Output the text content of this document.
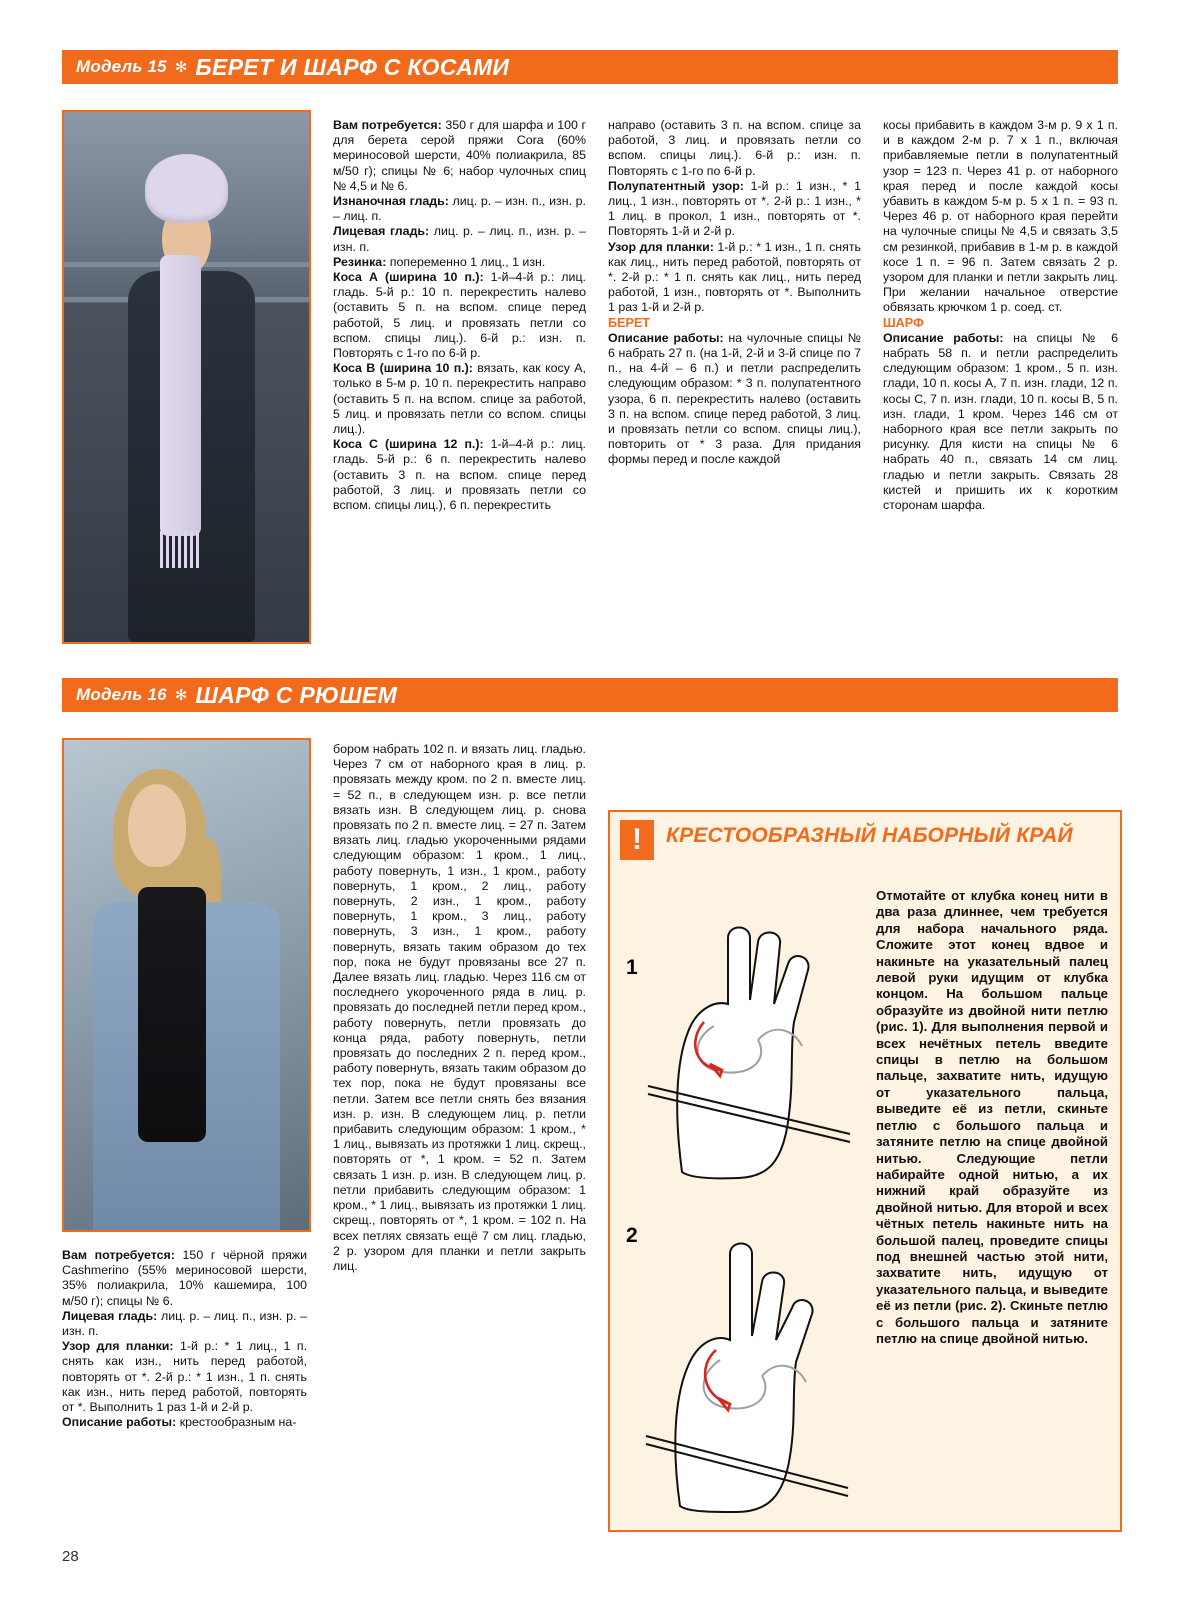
Модель 15 ✻ БЕРЕТ И ШАРФ С КОСАМИ

Вам потребуется: 350 г для шарфа и 100 г для берета серой пряжи Cora (60% мериносовой шерсти, 40% полиакрила, 85 м/50 г); спицы № 6; набор чулочных спиц № 4,5 и № 6.

Изнаночная гладь: лиц. р. – изн. п., изн. р. – лиц. п.

Лицевая гладь: лиц. р. – лиц. п., изн. р. – изн. п.

Резинка: попеременно 1 лиц., 1 изн.

Коса А (ширина 10 п.): 1-й–4-й р.: лиц. гладь. 5-й р.: 10 п. перекрестить налево (оставить 5 п. на вспом. спице перед работой, 5 лиц. и провязать петли со вспом. спицы лиц.). 6-й р.: изн. п. Повторять с 1-го по 6-й р.

Коса В (ширина 10 п.): вязать, как косу А, только в 5-м р. 10 п. перекрестить направо (оставить 5 п. на вспом. спице за работой, 5 лиц. и провязать петли со вспом. спицы лиц.).

Коса С (ширина 12 п.): 1-й–4-й р.: лиц. гладь. 5-й р.: 6 п. перекрестить налево (оставить 3 п. на вспом. спице перед работой, 3 лиц. и провязать петли со вспом. спицы лиц.), 6 п. перекрестить

направо (оставить 3 п. на вспом. спице за работой, 3 лиц. и провязать петли со вспом. спицы лиц.). 6-й р.: изн. п. Повторять с 1-го по 6-й р.

Полупатентный узор: 1-й р.: 1 изн., * 1 лиц., 1 изн., повторять от *. 2-й р.: 1 изн., * 1 лиц. в прокол, 1 изн., повторять от *. Повторять 1-й и 2-й р.

Узор для планки: 1-й р.: * 1 изн., 1 п. снять как лиц., нить перед работой, повторять от *. 2-й р.: * 1 п. снять как лиц., нить перед работой, 1 изн., повторять от *. Выполнить 1 раз 1-й и 2-й р.

БЕРЕТ

Описание работы: на чулочные спицы № 6 набрать 27 п. (на 1-й, 2-й и 3-й спице по 7 п., на 4-й – 6 п.) и петли распределить следующим образом: * 3 п. полупатентного узора, 6 п. перекрестить налево (оставить 3 п. на вспом. спице перед работой, 3 лиц. и провязать петли со вспом. спицы лиц.), повторить от * 3 раза. Для придания формы перед и после каждой

косы прибавить в каждом 3-м р. 9 х 1 п. и в каждом 2-м р. 7 х 1 п., включая прибавляемые петли в полупатентный узор = 123 п. Через 41 р. от наборного края перед и после каждой косы убавить в каждом 5-м р. 5 х 1 п. = 93 п. Через 46 р. от наборного края перейти на чулочные спицы № 4,5 и связать 3,5 см резинкой, прибавив в 1-м р. в каждой косе 1 п. = 96 п. Затем связать 2 р. узором для планки и петли закрыть лиц. При желании начальное отверстие обвязать крючком 1 р. соед. ст.

ШАРФ

Описание работы: на спицы № 6 набрать 58 п. и петли распределить следующим образом: 1 кром., 5 п. изн. глади, 10 п. косы А, 7 п. изн. глади, 12 п. косы С, 7 п. изн. глади, 10 п. косы В, 5 п. изн. глади, 1 кром. Через 146 см от наборного края все петли закрыть по рисунку. Для кисти на спицы № 6 набрать 40 п., связать 14 см лиц. гладью и петли закрыть. Связать 28 кистей и пришить их к коротким сторонам шарфа.

Модель 16 ✻ ШАРФ С РЮШЕМ

Вам потребуется: 150 г чёрной пряжи Cashmerino (55% мериносовой шерсти, 35% полиакрила, 10% кашемира, 100 м/50 г); спицы № 6.

Лицевая гладь: лиц. р. – лиц. п., изн. р. – изн. п.

Узор для планки: 1-й р.: * 1 лиц., 1 п. снять как изн., нить перед работой, повторять от *. 2-й р.: * 1 изн., 1 п. снять как изн., нить перед работой, повторять от *. Выполнить 1 раз 1-й и 2-й р.

Описание работы: крестообразным на-

бором набрать 102 п. и вязать лиц. гладью. Через 7 см от наборного края в лиц. р. провязать между кром. по 2 п. вместе лиц. = 52 п., в следующем изн. р. все петли вязать изн. В следующем лиц. р. снова провязать по 2 п. вместе лиц. = 27 п. Затем вязать лиц. гладью укороченными рядами следующим образом: 1 кром., 1 лиц., работу повернуть, 1 изн., 1 кром., работу повернуть, 1 кром., 2 лиц., работу повернуть, 2 изн., 1 кром., работу повернуть, 1 кром., 3 лиц., работу повернуть, 3 изн., 1 кром., работу повернуть, вязать таким образом до тех пор, пока не будут провязаны все 27 п. Далее вязать лиц. гладью. Через 116 см от последнего укороченного ряда в лиц. р. провязать до последней петли перед кром., работу повернуть, петли провязать до конца ряда, работу повернуть, петли провязать до последних 2 п. перед кром., работу повернуть, вязать таким образом до тех пор, пока не будут провязаны все петли. Затем все петли снять без вязания изн. р. изн. В следующем лиц. р. петли прибавить следующим образом: 1 кром., * 1 лиц., вывязать из протяжки 1 лиц. скрещ., повторять от *, 1 кром. = 52 п. Затем связать 1 изн. р. изн. В следующем лиц. р. петли прибавить следующим образом: 1 кром., * 1 лиц., вывязать из протяжки 1 лиц. скрещ., повторять от *, 1 кром. = 102 п. На всех петлях связать ещё 7 см лиц. гладью, 2 р. узором для планки и петли закрыть лиц.

!	КРЕСТООБРАЗНЫЙ НАБОРНЫЙ КРАЙ
1
2
Отмотайте от клубка конец нити в два раза длиннее, чем требуется для набора начального ряда. Сложите этот конец вдвое и накиньте на указательный палец левой руки идущим от клубка концом. На большом пальце образуйте из двойной нити петлю (рис. 1). Для выполнения первой и всех нечётных петель введите спицы в петлю на большом пальце, захватите нить, идущую от указательного пальца, выведите её из петли, скиньте петлю с большого пальца и затяните петлю на спице двойной нитью. Следующие петли набирайте одной нитью, а их нижний край образуйте из двойной нитью. Для второй и всех чётных петель накиньте нить на большой палец, проведите спицы под внешней частью этой нити, захватите нить, идущую от указательного пальца, и выведите её из петли (рис. 2). Скиньте петлю с большого пальца и затяните петлю на спице двойной нитью.
28
